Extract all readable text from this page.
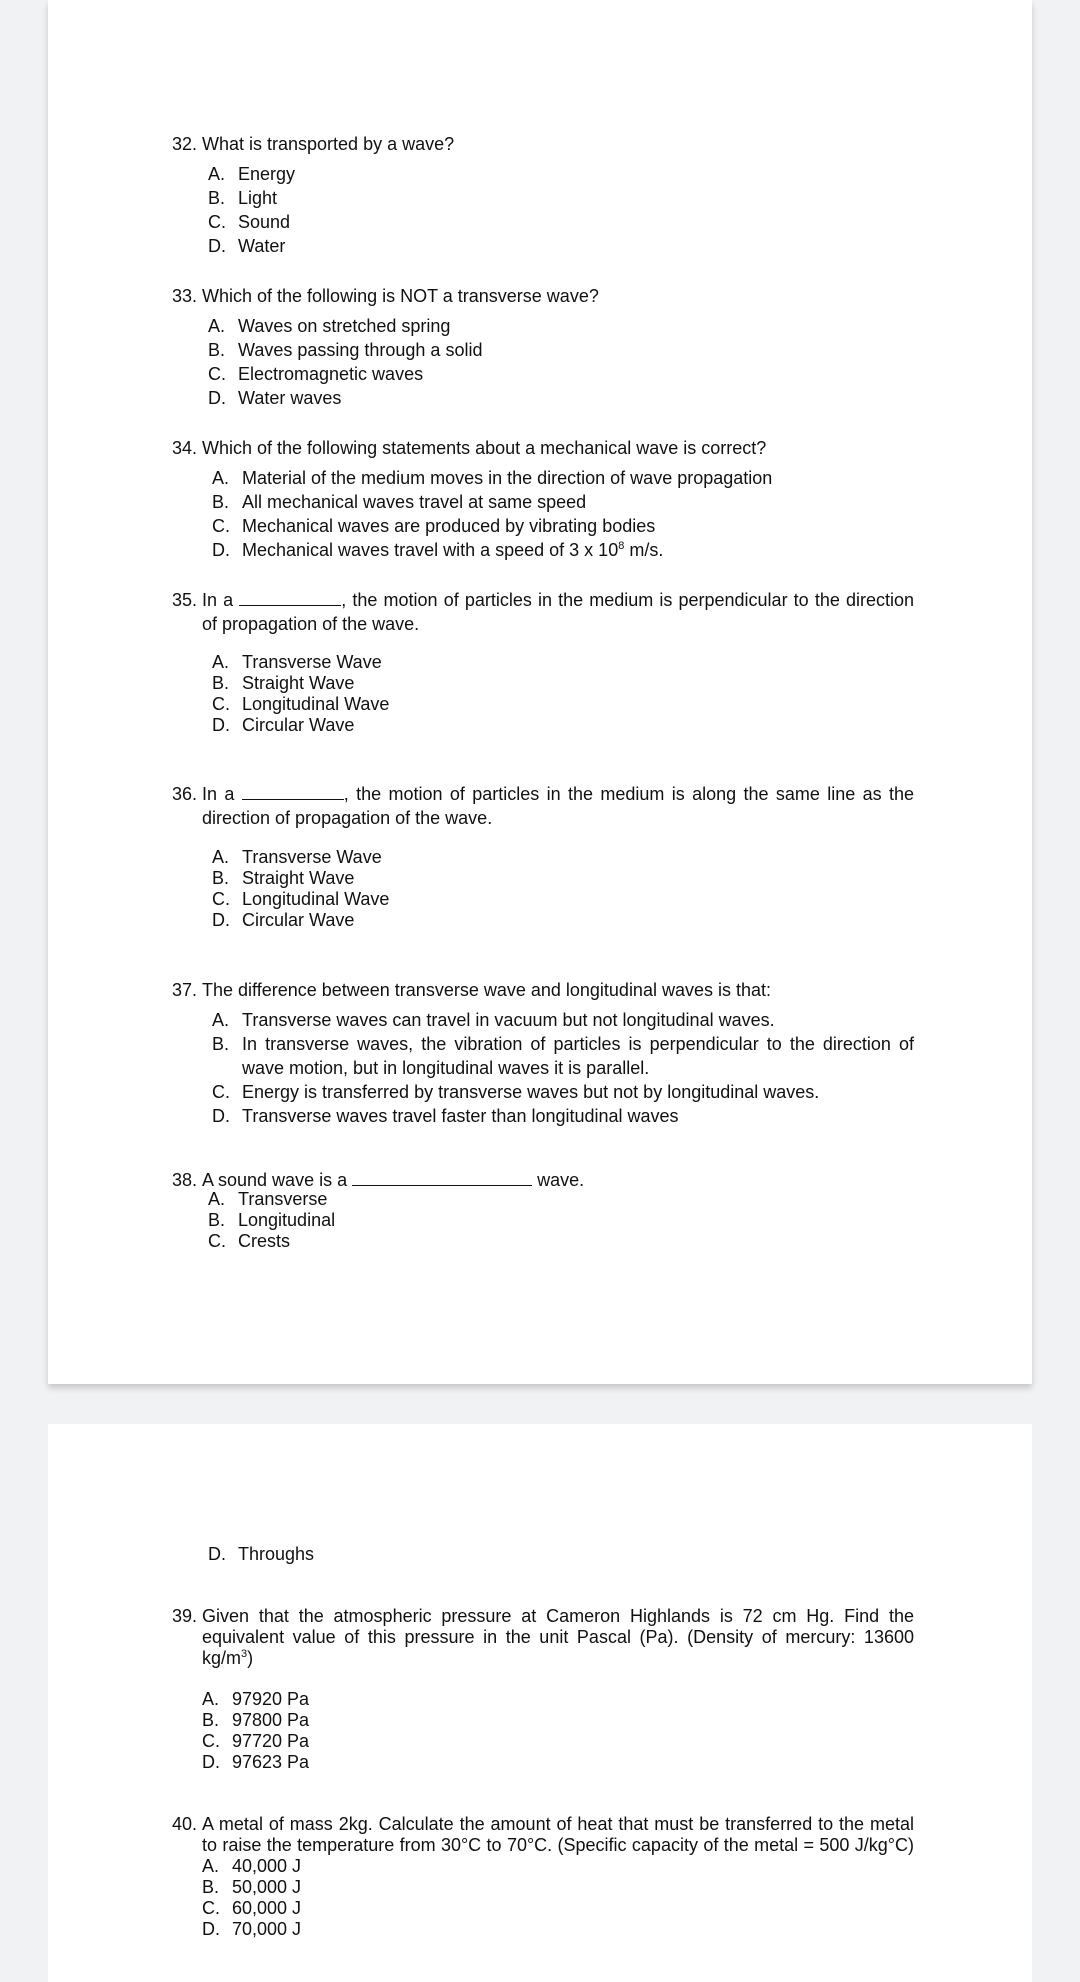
32. What is transported by a wave?
A. Energy
B. Light
C. Sound
D. Water
33. Which of the following is NOT a transverse wave?
A. Waves on stretched spring
B. Waves passing through a solid
C. Electromagnetic waves
D. Water waves
34. Which of the following statements about a mechanical wave is correct?
A. Material of the medium moves in the direction of wave propagation
B. All mechanical waves travel at same speed
C. Mechanical waves are produced by vibrating bodies
D. Mechanical waves travel with a speed of 3 x $10^8$ m/s.
35. In a	, the motion of particles in the medium is perpendicular to the direction
of propagation of the wave.
A. Transverse Wave
B. Straight Wave
C. Longitudinal Wave
D. Circular Wave
36. In a	, the motion of particles in the medium is along the same line as the
direction of propagation of the wave.
A. Transverse Wave
B. Straight Wave
C. Longitudinal Wave
D. Circular Wave
37. The difference between transverse wave and longitudinal waves is that:
A. Transverse waves can travel in vacuum but not longitudinal waves.
B. In transverse waves, the vibration of particles is perpendicular to the direction of
wave motion, but in longitudinal waves it is parallel.
C. Energy is transferred by transverse waves but not by longitudinal waves.
D. Transverse waves travel faster than longitudinal waves
38. A sound wave is a	wave.
A. Transverse
B. Longitudinal
C. Crests
D. Throughs
39. Given that the atmospheric pressure at Cameron Highlands is 72 cm Hg. Find the
equivalent value of this pressure in the unit Pascal (Pa). (Density of mercury: 13600
$kg/m^3$)
A. 97920 Pa
B. 97800 Pa
C. 97720 Pa
D. 97623 Pa
40. A metal of mass 2kg. Calculate the amount of heat that must be transferred to the metal
to raise the temperature from 30°C to 70°C. (Specific capacity of the metal = 500 J/kg°C)
A. 40,000 J
B. 50,000 J
C. 60,000 J
D. 70,000 J
